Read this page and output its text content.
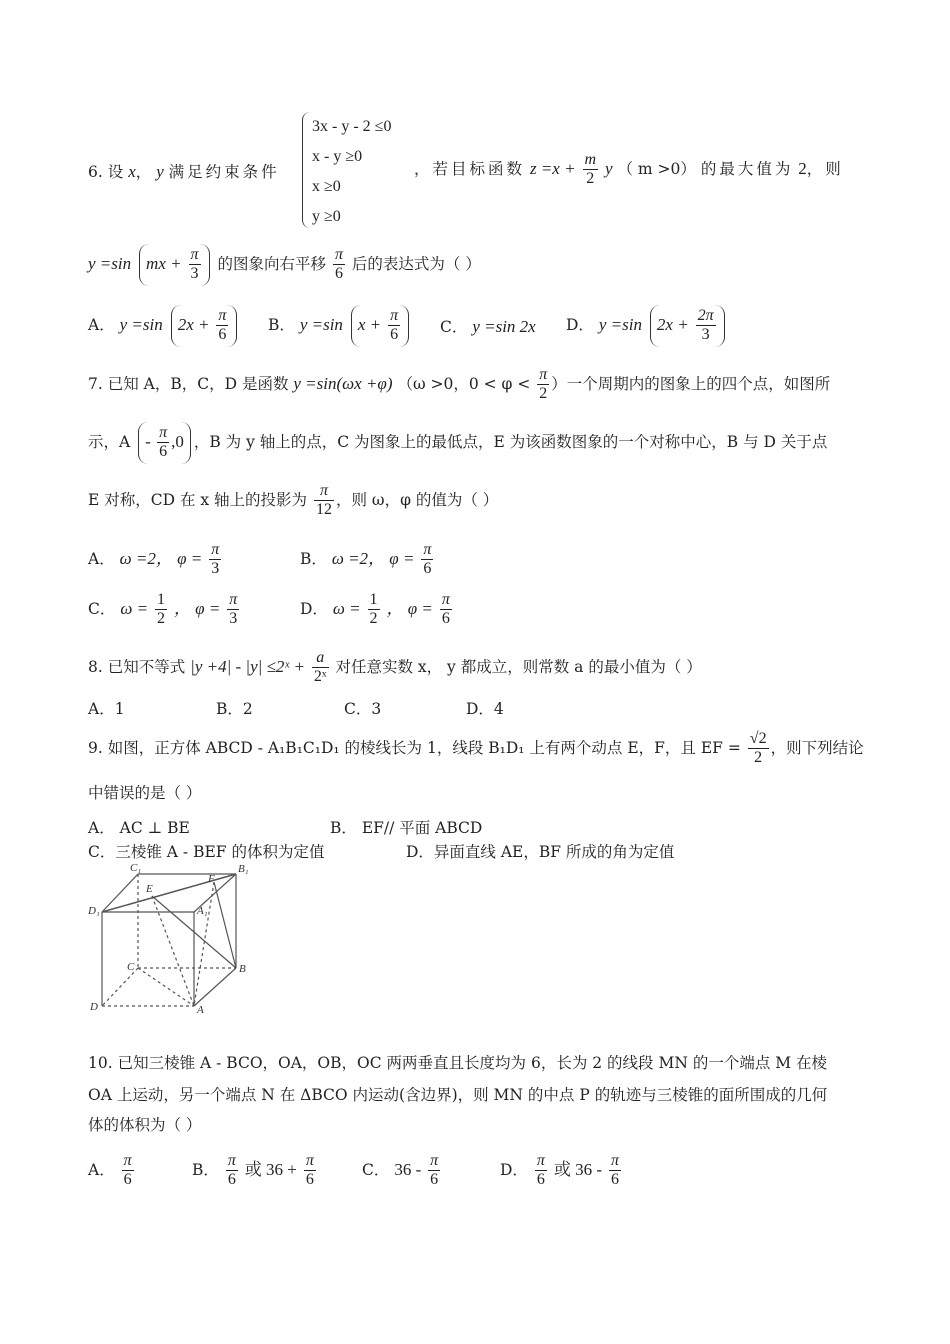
6. 设 x， y 满足约束条件
3x - y - 2 ≤0
x - y ≥0
x ≥0
y ≥0
，若目标函数 $z =x + \frac{m}{2}$ y （ m >0） 的最大值为 2，则
y =sin mx + $\frac{\pi}{3}$ 的图象向右平移 $\frac{\pi}{6}$ 后的表达式为（ ）
A． y =sin $2x + \frac{\pi}{6}$	B． y =sin $x + \frac{\pi}{6}$	C． y =sin 2x D． y =sin $2x + \frac{2\pi}{3}$
7. 已知 A，B，C，D 是函数 y =sin(ωx +φ) （ω >0，$0 < \varphi < \frac{\pi}{2}$ ）一个周期内的图象上的四个点，如图所
示，A - $\frac{\pi}{6} ,0$ ，B 为 y 轴上的点，C 为图象上的最低点，E 为该函数图象的一个对称中心，B 与 D 关于点
E 对称，CD 在 x 轴上的投影为 $\frac{\pi}{12}$ ，则 ω，φ 的值为（ ）
A． ω =2， $\varphi = \frac{\pi}{3}$	B． ω =2， $\varphi = \frac{\pi}{6}$
C． $\omega = \frac{1}{2}$ ， $\varphi = \frac{\pi}{3}$	D． $\omega = \frac{1}{2}$ ， $\varphi = \frac{\pi}{6}$
8. 已知不等式 |y +4| - |y| ≤2ˣ + $\frac{a}{\text{2ˣ}}$ 对任意实数 x， y 都成立，则常数 a 的最小值为（ ）
A．1	B．2	C．3	D．4
9. 如图，正方体 ABCD - A₁B₁C₁D₁ 的棱线长为 1，线段 B₁D₁ 上有两个动点 E，F，且 EF = $\frac{√2}{2}$ ，则下列结论
中错误的是（ ）
A． AC ⊥ BE	B． EF// 平面 ABCD
C．三棱锥 A - BEF 的体积为定值	D．异面直线 AE，BF 所成的角为定值
C₁	B₁
E
F
D₁	A₁
C	B
D	A
10. 已知三棱锥 A - BCO，OA，OB，OC 两两垂直且长度均为 6，长为 2 的线段 MN 的一个端点 M 在棱
OA 上运动，另一个端点 N 在 ΔBCO 内运动(含边界)，则 MN 的中点 P 的轨迹与三棱锥的面所围成的几何
体的体积为（ ）
A． $\frac{\pi}{6}$	B． $\frac{\pi}{6}$ 或 $36 + \frac{\pi}{6}$	C． $36 - \frac{\pi}{6}$	D． $\frac{\pi}{6}$ 或 $36 - \frac{\pi}{6}$
